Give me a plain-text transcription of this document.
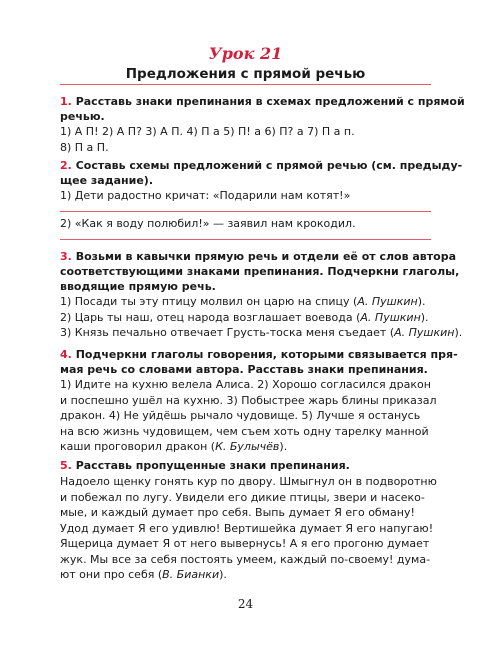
Урок 21
Предложения с прямой речью
1. Расставь знаки препинания в схемах предложений с прямой
речью.
1) А П! 2) А П? 3) А П. 4) П а 5) П! а 6) П? а 7) П а п.
8) П а П.
2. Составь схемы предложений с прямой речью (см. предыду-
щее задание).
1) Дети радостно кричат: «Подарили нам котят!»
2) «Как я воду полюбил!» — заявил нам крокодил.
3. Возьми в кавычки прямую речь и отдели её от слов автора
соответствующими знаками препинания. Подчеркни глаголы,
вводящие прямую речь.
1) Посади ты эту птицу молвил он царю на спицу (А. Пушкин).
2) Царь ты наш, отец народа возглашает воевода (А. Пушкин).
3) Князь печально отвечает Грусть-тоска меня съедает (А. Пушкин).
4. Подчеркни глаголы говорения, которыми связывается пря-
мая речь со словами автора. Расставь знаки препинания.
1) Идите на кухню велела Алиса. 2) Хорошо согласился дракон
и поспешно ушёл на кухню. 3) Побыстрее жарь блины приказал
дракон. 4) Не уйдёшь рычало чудовище. 5) Лучше я останусь
на всю жизнь чудовищем, чем съем хоть одну тарелку манной
каши проговорил дракон (К. Булычёв).
5. Расставь пропущенные знаки препинания.
Надоело щенку гонять кур по двору. Шмыгнул он в подворотню
и побежал по лугу. Увидели его дикие птицы, звери и насеко-
мые, и каждый думает про себя. Выпь думает Я его обману!
Удод думает Я его удивлю! Вертишейка думает Я его напугаю!
Ящерица думает Я от него вывернусь! А я его прогоню думает
жук. Мы все за себя постоять умеем, каждый по-своему! дума-
ют они про себя (В. Бианки).
24
